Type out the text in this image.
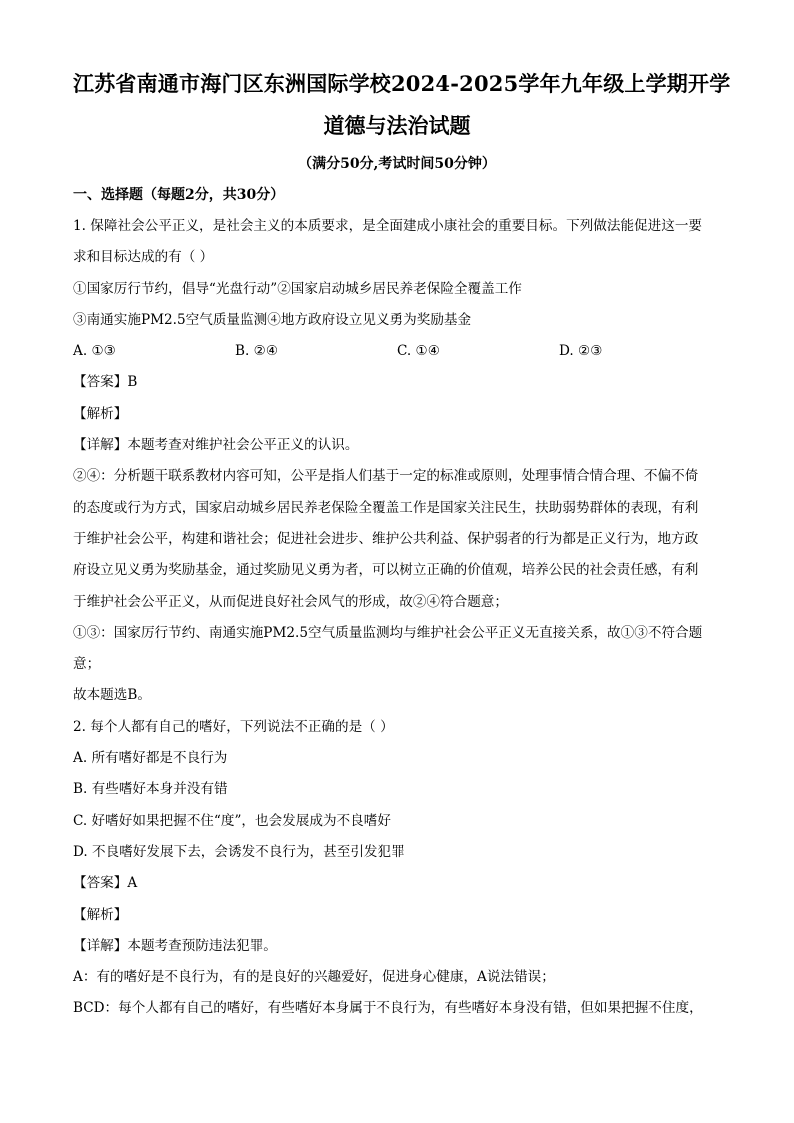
江苏省南通市海门区东洲国际学校2024-2025学年九年级上学期开学
道德与法治试题
（满分50分,考试时间50分钟）
一、选择题（每题2分，共30分）

1. 保障社会公平正义，是社会主义的本质要求，是全面建成小康社会的重要目标。下列做法能促进这一要

求和目标达成的有（ ）

①国家厉行节约，倡导“光盘行动”②国家启动城乡居民养老保险全覆盖工作

③南通实施PM2.5空气质量监测④地方政府设立见义勇为奖励基金

A. ①③	B. ②④	C. ①④	D. ②③
【答案】B
【解析】

【详解】本题考查对维护社会公平正义的认识。

②④：分析题干联系教材内容可知，公平是指人们基于一定的标准或原则，处理事情合情合理、不偏不倚

的态度或行为方式，国家启动城乡居民养老保险全覆盖工作是国家关注民生，扶助弱势群体的表现，有利

于维护社会公平，构建和谐社会；促进社会进步、维护公共利益、保护弱者的行为都是正义行为，地方政

府设立见义勇为奖励基金，通过奖励见义勇为者，可以树立正确的价值观，培养公民的社会责任感，有利

于维护社会公平正义，从而促进良好社会风气的形成，故②④符合题意；

①③：国家厉行节约、南通实施PM2.5空气质量监测均与维护社会公平正义无直接关系，故①③不符合题

意；

故本题选B。

2. 每个人都有自己的嗜好，下列说法不正确的是（ ）

A. 所有嗜好都是不良行为

B. 有些嗜好本身并没有错

C. 好嗜好如果把握不住“度”，也会发展成为不良嗜好

D. 不良嗜好发展下去，会诱发不良行为，甚至引发犯罪

【答案】A
【解析】

【详解】本题考查预防违法犯罪。

A：有的嗜好是不良行为，有的是良好的兴趣爱好，促进身心健康，A说法错误；

BCD：每个人都有自己的嗜好，有些嗜好本身属于不良行为，有些嗜好本身没有错，但如果把握不住度，
